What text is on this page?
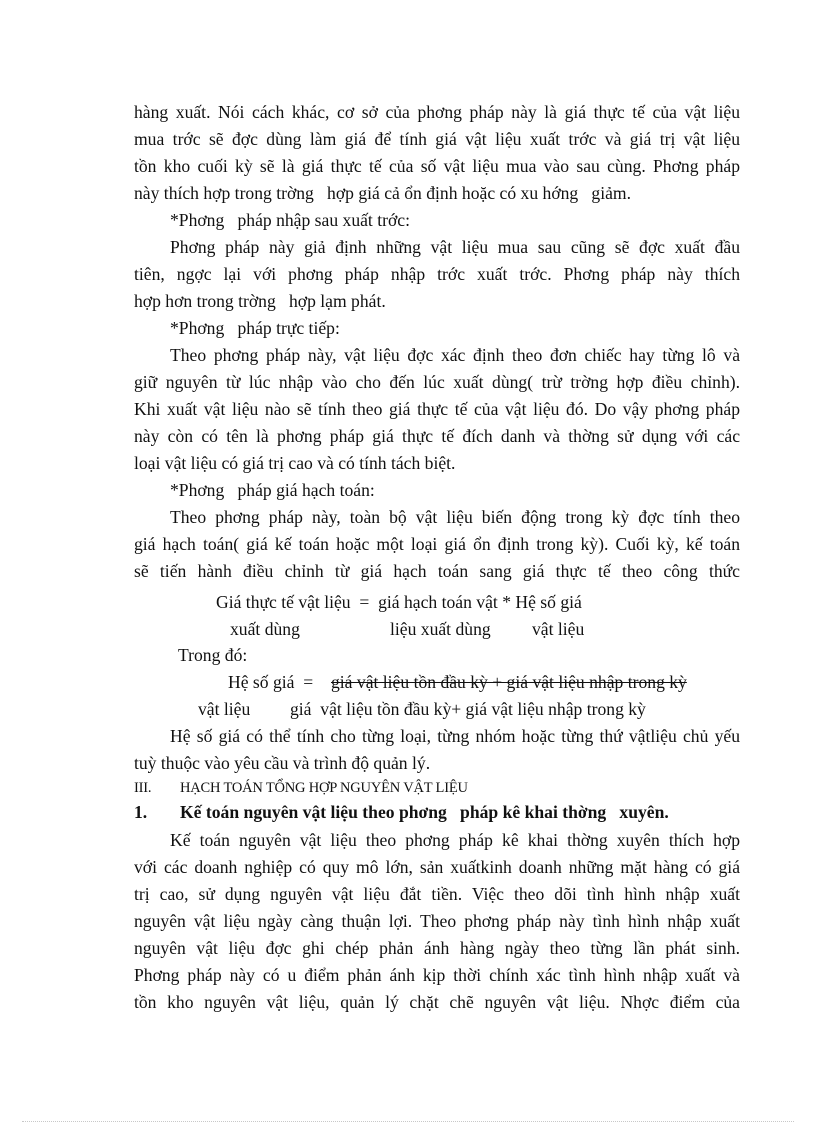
hàng xuất. Nói cách khác, cơ sở của phơng pháp này là giá thực tế của vật liệu
mua trớc sẽ đợc dùng làm giá để tính giá vật liệu xuất trớc và giá trị vật liệu
tồn kho cuối kỳ sẽ là giá thực tế của số vật liệu mua vào sau cùng. Phơng pháp
này thích hợp trong trờng   hợp giá cả ổn định hoặc có xu hớng   giảm.
*Phơng   pháp nhập sau xuất trớc:
Phơng pháp này giả định những vật liệu mua sau cũng sẽ đợc xuất đầu
tiên, ngợc lại với phơng pháp nhập trớc xuất trớc. Phơng pháp này thích
hợp hơn trong trờng   hợp lạm phát.
*Phơng   pháp trực tiếp:
Theo phơng pháp này, vật liệu đợc xác định theo đơn chiếc hay từng lô và
giữ nguyên từ lúc nhập vào cho đến lúc xuất dùng( trừ trờng hợp điều chỉnh).
Khi xuất vật liệu nào sẽ tính theo giá thực tế của vật liệu đó. Do vậy phơng pháp
này còn có tên là phơng pháp giá thực tế đích danh và thờng sử dụng với các
loại vật liệu có giá trị cao và có tính tách biệt.
*Phơng   pháp giá hạch toán:
Theo phơng pháp này, toàn bộ vật liệu biến động trong kỳ đợc tính theo
giá hạch toán( giá kế toán hoặc một loại giá ổn định trong kỳ). Cuối kỳ, kế toán
sẽ tiến hành điều chỉnh từ giá hạch toán sang giá thực tế theo công thức
Giá thực tế vật liệu  =  giá hạch toán vật * Hệ số giá
xuất dùng	liệu xuất dùng vật liệu
Trong đó:
Hệ số giá  = giá vật liệu tồn đầu kỳ + giá vật liệu nhập trong kỳ
vật liệu giá  vật liệu tồn đầu kỳ+ giá vật liệu nhập trong kỳ
Hệ số giá có thể tính cho từng loại, từng nhóm hoặc từng thứ vậtliệu chủ yếu
tuỳ thuộc vào yêu cầu và trình độ quản lý.
III. HẠCH TOÁN TỔNG HỢP NGUYÊN VẬT LIỆU
1. Kế toán nguyên vật liệu theo phơng   pháp kê khai thờng   xuyên.
Kế toán nguyên vật liệu theo phơng pháp kê khai thờng xuyên thích hợp
với các doanh nghiệp có quy mô lớn, sản xuấtkinh doanh những mặt hàng có giá
trị cao, sử dụng nguyên vật liệu đắt tiền. Việc theo dõi tình hình nhập xuất
nguyên vật liệu ngày càng thuận lợi. Theo phơng pháp này tình hình nhập xuất
nguyên vật liệu đợc ghi chép phản ánh hàng ngày theo từng lần phát sinh.
Phơng pháp này có u điểm phản ánh kịp thời chính xác tình hình nhập xuất và
tồn kho nguyên vật liệu, quản lý chặt chẽ nguyên vật liệu. Nhợc điểm của
